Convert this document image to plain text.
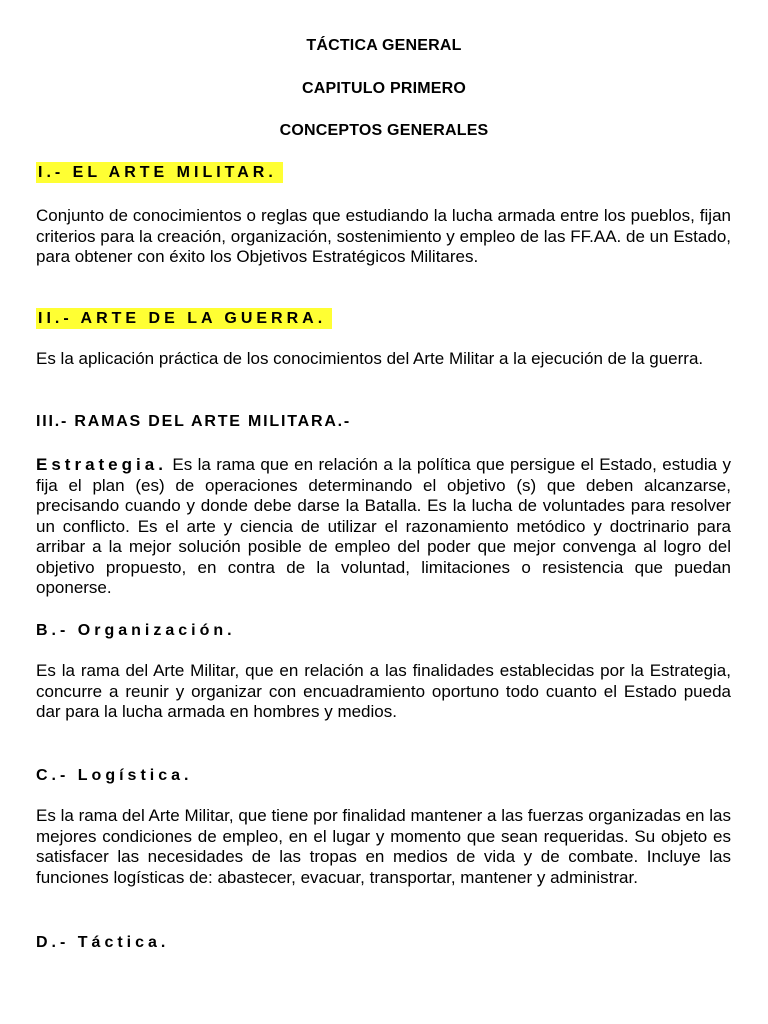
TÁCTICA GENERAL
CAPITULO PRIMERO
CONCEPTOS GENERALES
I.- EL ARTE MILITAR.

Conjunto de conocimientos o reglas que estudiando la lucha armada entre los pueblos, fijan criterios para la creación, organización, sostenimiento y empleo de las FF.AA. de un Estado, para obtener con éxito los Objetivos Estratégicos Militares.

II.- ARTE DE LA GUERRA.

Es la aplicación práctica de los conocimientos del Arte Militar a la ejecución de la guerra.

III.- RAMAS DEL ARTE MILITARA.-

Estrategia. Es la rama que en relación a la política que persigue el Estado, estudia y fija el plan (es) de operaciones determinando el objetivo (s) que deben alcanzarse, precisando cuando y donde debe darse la Batalla. Es la lucha de voluntades para resolver un conflicto. Es el arte y ciencia de utilizar el razonamiento metódico y doctrinario para arribar a la mejor solución posible de empleo del poder que mejor convenga al logro del objetivo propuesto, en contra de la voluntad, limitaciones o resistencia que puedan oponerse.

B.- Organización.

Es la rama del Arte Militar, que en relación a las finalidades establecidas por la Estrategia, concurre a reunir y organizar con encuadramiento oportuno todo cuanto el Estado pueda dar para la lucha armada en hombres y medios.

C.- Logística.

Es la rama del Arte Militar, que tiene por finalidad mantener a las fuerzas organizadas en las mejores condiciones de empleo, en el lugar y momento que sean requeridas. Su objeto es satisfacer las necesidades de las tropas en medios de vida y de combate. Incluye las funciones logísticas de: abastecer, evacuar, transportar, mantener y administrar.

D.- Táctica.
